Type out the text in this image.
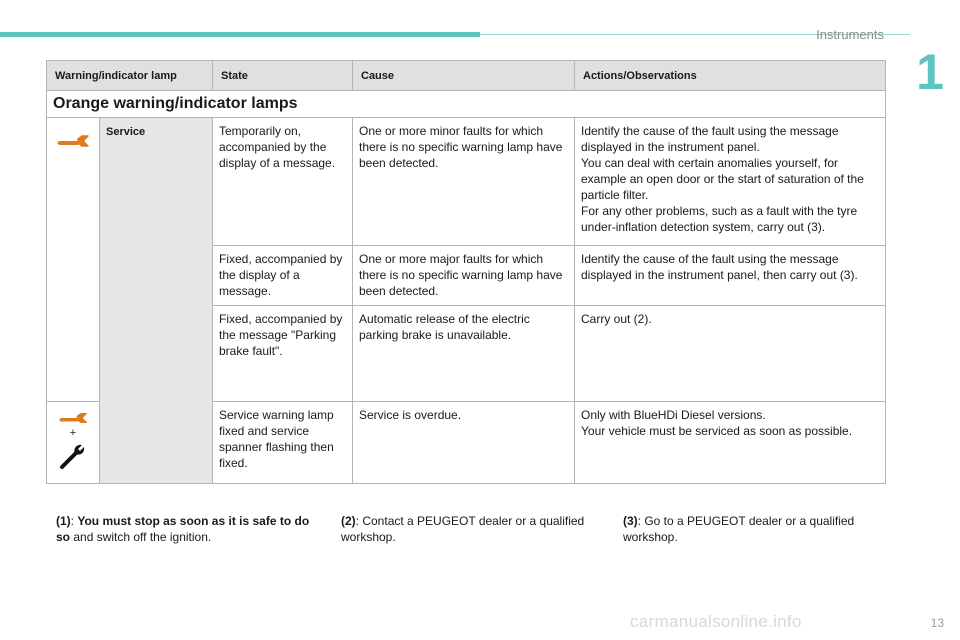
Instruments
1
Warning/indicator lamp		State	Cause	Actions/Observations
Orange warning/indicator lamps				

	Service	Temporarily on, accompanied by the display of a message.	One or more minor faults for which there is no specific warning lamp have been detected.	Identify the cause of the fault using the message displayed in the instrument panel.
You can deal with certain anomalies yourself, for example an open door or the start of saturation of the particle filter.
For any other problems, such as a fault with the tyre under-inflation detection system, carry out (3).

		Fixed, accompanied by the display of a message.	One or more major faults for which there is no specific warning lamp have been detected.	Identify the cause of the fault using the message displayed in the instrument panel, then carry out (3).

		Fixed, accompanied by the message "Parking brake fault".	Automatic release of the electric parking brake is unavailable.	Carry out (2).

+		Service warning lamp fixed and service spanner flashing then fixed.	Service is overdue.	Only with BlueHDi Diesel versions.
Your vehicle must be serviced as soon as possible.
(1): You must stop as soon as it is safe to do so and switch off the ignition.
(2): Contact a PEUGEOT dealer or a qualified workshop.
(3): Go to a PEUGEOT dealer or a qualified workshop.
carmanualsonline.info	13
